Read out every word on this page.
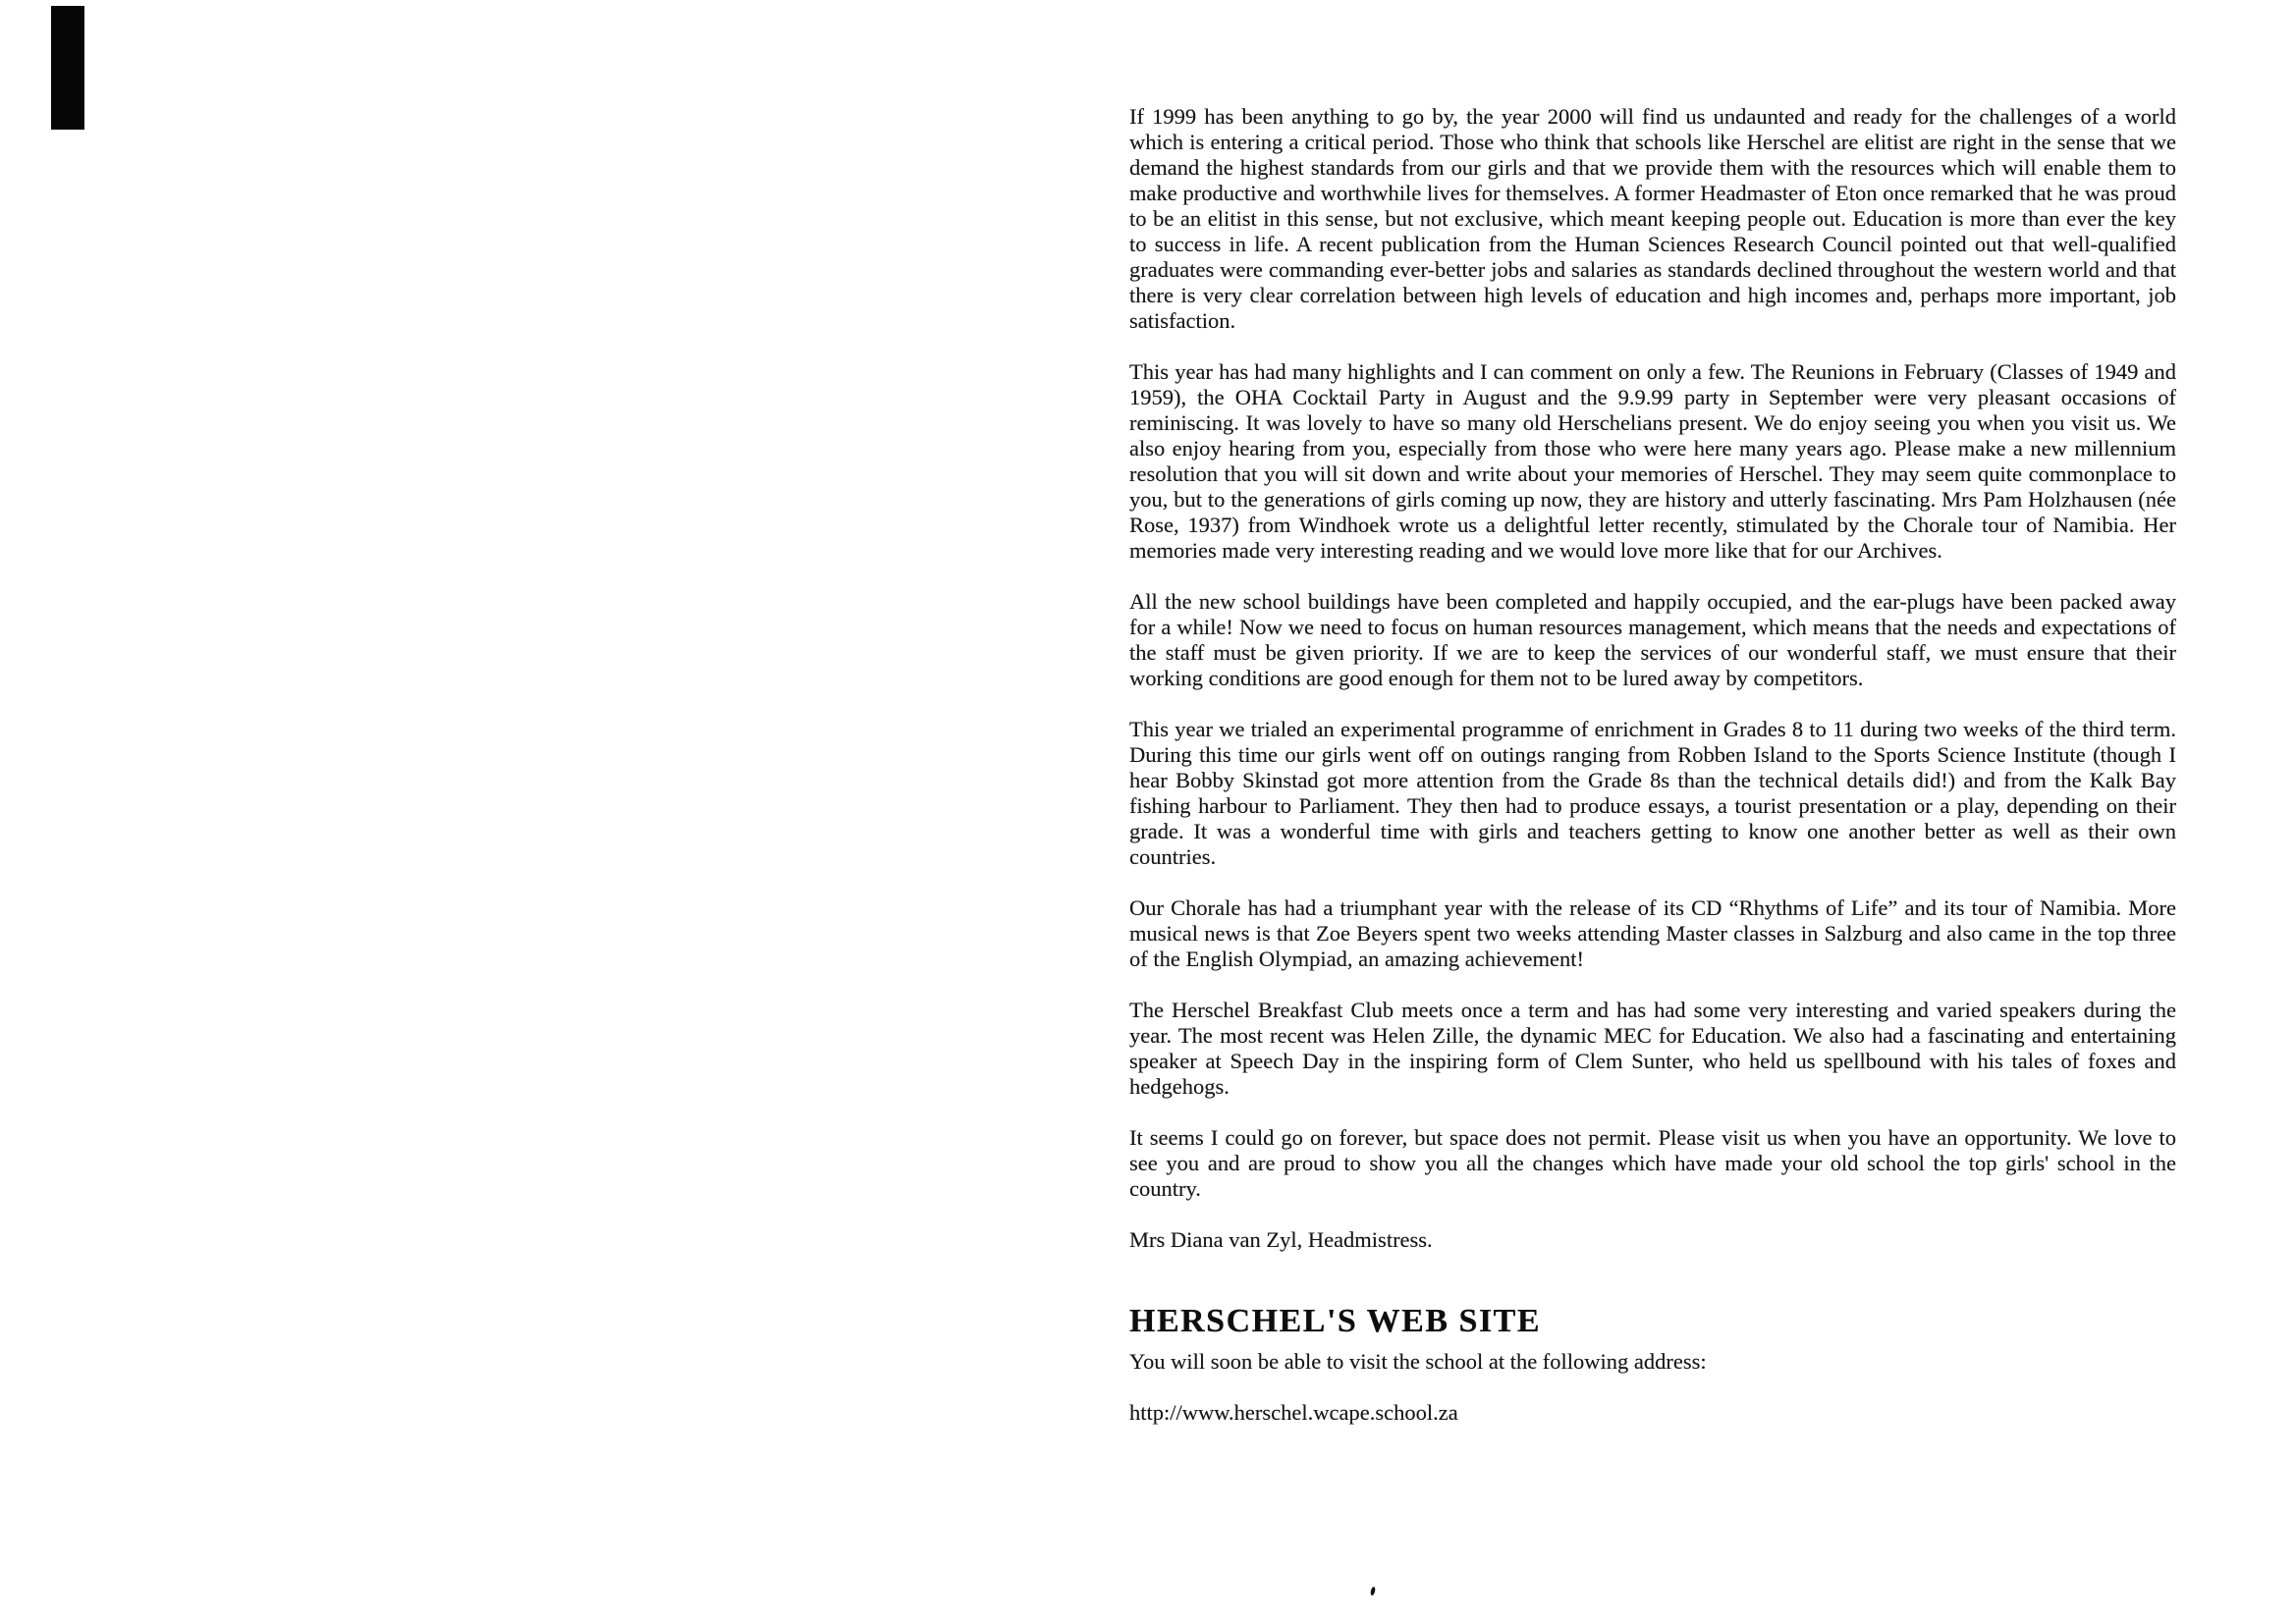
If 1999 has been anything to go by, the year 2000 will find us undaunted and ready for the challenges of a world which is entering a critical period. Those who think that schools like Herschel are elitist are right in the sense that we demand the highest standards from our girls and that we provide them with the resources which will enable them to make productive and worthwhile lives for themselves. A former Headmaster of Eton once remarked that he was proud to be an elitist in this sense, but not exclusive, which meant keeping people out. Education is more than ever the key to success in life. A recent publication from the Human Sciences Research Council pointed out that well-qualified graduates were commanding ever-better jobs and salaries as standards declined throughout the western world and that there is very clear correlation between high levels of education and high incomes and, perhaps more important, job satisfaction.

This year has had many highlights and I can comment on only a few. The Reunions in February (Classes of 1949 and 1959), the OHA Cocktail Party in August and the 9.9.99 party in September were very pleasant occasions of reminiscing. It was lovely to have so many old Herschelians present. We do enjoy seeing you when you visit us. We also enjoy hearing from you, especially from those who were here many years ago. Please make a new millennium resolution that you will sit down and write about your memories of Herschel. They may seem quite commonplace to you, but to the generations of girls coming up now, they are history and utterly fascinating. Mrs Pam Holzhausen (née Rose, 1937) from Windhoek wrote us a delightful letter recently, stimulated by the Chorale tour of Namibia. Her memories made very interesting reading and we would love more like that for our Archives.

All the new school buildings have been completed and happily occupied, and the ear-plugs have been packed away for a while! Now we need to focus on human resources management, which means that the needs and expectations of the staff must be given priority. If we are to keep the services of our wonderful staff, we must ensure that their working conditions are good enough for them not to be lured away by competitors.

This year we trialed an experimental programme of enrichment in Grades 8 to 11 during two weeks of the third term. During this time our girls went off on outings ranging from Robben Island to the Sports Science Institute (though I hear Bobby Skinstad got more attention from the Grade 8s than the technical details did!) and from the Kalk Bay fishing harbour to Parliament. They then had to produce essays, a tourist presentation or a play, depending on their grade. It was a wonderful time with girls and teachers getting to know one another better as well as their own countries.

Our Chorale has had a triumphant year with the release of its CD “Rhythms of Life” and its tour of Namibia. More musical news is that Zoe Beyers spent two weeks attending Master classes in Salzburg and also came in the top three of the English Olympiad, an amazing achievement!

The Herschel Breakfast Club meets once a term and has had some very interesting and varied speakers during the year. The most recent was Helen Zille, the dynamic MEC for Education. We also had a fascinating and entertaining speaker at Speech Day in the inspiring form of Clem Sunter, who held us spellbound with his tales of foxes and hedgehogs.

It seems I could go on forever, but space does not permit. Please visit us when you have an opportunity. We love to see you and are proud to show you all the changes which have made your old school the top girls' school in the country.

Mrs Diana van Zyl, Headmistress.

HERSCHEL'S WEB SITE

You will soon be able to visit the school at the following address:

http://www.herschel.wcape.school.za
